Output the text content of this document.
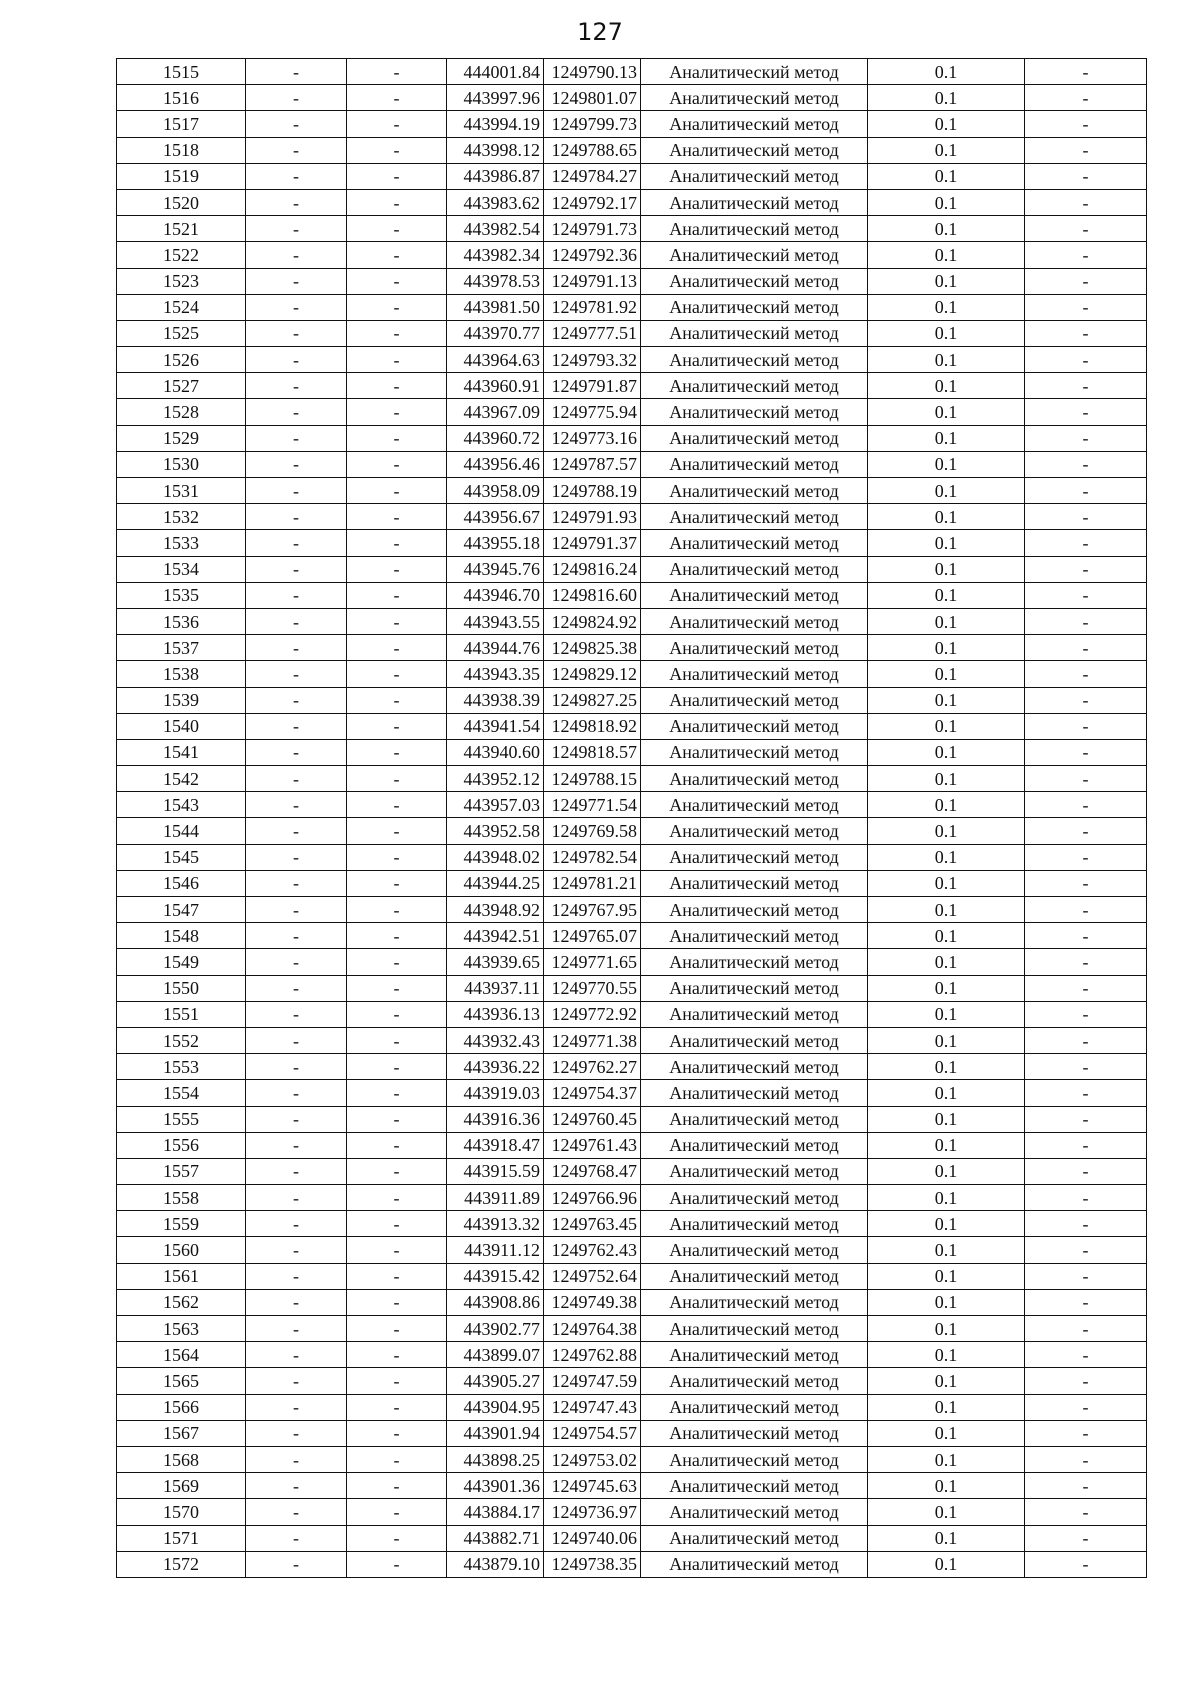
127
1515	-	-	444001.84	1249790.13	Аналитический метод	0.1	-
1516	-	-	443997.96	1249801.07	Аналитический метод	0.1	-
1517	-	-	443994.19	1249799.73	Аналитический метод	0.1	-
1518	-	-	443998.12	1249788.65	Аналитический метод	0.1	-
1519	-	-	443986.87	1249784.27	Аналитический метод	0.1	-
1520	-	-	443983.62	1249792.17	Аналитический метод	0.1	-
1521	-	-	443982.54	1249791.73	Аналитический метод	0.1	-
1522	-	-	443982.34	1249792.36	Аналитический метод	0.1	-
1523	-	-	443978.53	1249791.13	Аналитический метод	0.1	-
1524	-	-	443981.50	1249781.92	Аналитический метод	0.1	-
1525	-	-	443970.77	1249777.51	Аналитический метод	0.1	-
1526	-	-	443964.63	1249793.32	Аналитический метод	0.1	-
1527	-	-	443960.91	1249791.87	Аналитический метод	0.1	-
1528	-	-	443967.09	1249775.94	Аналитический метод	0.1	-
1529	-	-	443960.72	1249773.16	Аналитический метод	0.1	-
1530	-	-	443956.46	1249787.57	Аналитический метод	0.1	-
1531	-	-	443958.09	1249788.19	Аналитический метод	0.1	-
1532	-	-	443956.67	1249791.93	Аналитический метод	0.1	-
1533	-	-	443955.18	1249791.37	Аналитический метод	0.1	-
1534	-	-	443945.76	1249816.24	Аналитический метод	0.1	-
1535	-	-	443946.70	1249816.60	Аналитический метод	0.1	-
1536	-	-	443943.55	1249824.92	Аналитический метод	0.1	-
1537	-	-	443944.76	1249825.38	Аналитический метод	0.1	-
1538	-	-	443943.35	1249829.12	Аналитический метод	0.1	-
1539	-	-	443938.39	1249827.25	Аналитический метод	0.1	-
1540	-	-	443941.54	1249818.92	Аналитический метод	0.1	-
1541	-	-	443940.60	1249818.57	Аналитический метод	0.1	-
1542	-	-	443952.12	1249788.15	Аналитический метод	0.1	-
1543	-	-	443957.03	1249771.54	Аналитический метод	0.1	-
1544	-	-	443952.58	1249769.58	Аналитический метод	0.1	-
1545	-	-	443948.02	1249782.54	Аналитический метод	0.1	-
1546	-	-	443944.25	1249781.21	Аналитический метод	0.1	-
1547	-	-	443948.92	1249767.95	Аналитический метод	0.1	-
1548	-	-	443942.51	1249765.07	Аналитический метод	0.1	-
1549	-	-	443939.65	1249771.65	Аналитический метод	0.1	-
1550	-	-	443937.11	1249770.55	Аналитический метод	0.1	-
1551	-	-	443936.13	1249772.92	Аналитический метод	0.1	-
1552	-	-	443932.43	1249771.38	Аналитический метод	0.1	-
1553	-	-	443936.22	1249762.27	Аналитический метод	0.1	-
1554	-	-	443919.03	1249754.37	Аналитический метод	0.1	-
1555	-	-	443916.36	1249760.45	Аналитический метод	0.1	-
1556	-	-	443918.47	1249761.43	Аналитический метод	0.1	-
1557	-	-	443915.59	1249768.47	Аналитический метод	0.1	-
1558	-	-	443911.89	1249766.96	Аналитический метод	0.1	-
1559	-	-	443913.32	1249763.45	Аналитический метод	0.1	-
1560	-	-	443911.12	1249762.43	Аналитический метод	0.1	-
1561	-	-	443915.42	1249752.64	Аналитический метод	0.1	-
1562	-	-	443908.86	1249749.38	Аналитический метод	0.1	-
1563	-	-	443902.77	1249764.38	Аналитический метод	0.1	-
1564	-	-	443899.07	1249762.88	Аналитический метод	0.1	-
1565	-	-	443905.27	1249747.59	Аналитический метод	0.1	-
1566	-	-	443904.95	1249747.43	Аналитический метод	0.1	-
1567	-	-	443901.94	1249754.57	Аналитический метод	0.1	-
1568	-	-	443898.25	1249753.02	Аналитический метод	0.1	-
1569	-	-	443901.36	1249745.63	Аналитический метод	0.1	-
1570	-	-	443884.17	1249736.97	Аналитический метод	0.1	-
1571	-	-	443882.71	1249740.06	Аналитический метод	0.1	-
1572	-	-	443879.10	1249738.35	Аналитический метод	0.1	-
